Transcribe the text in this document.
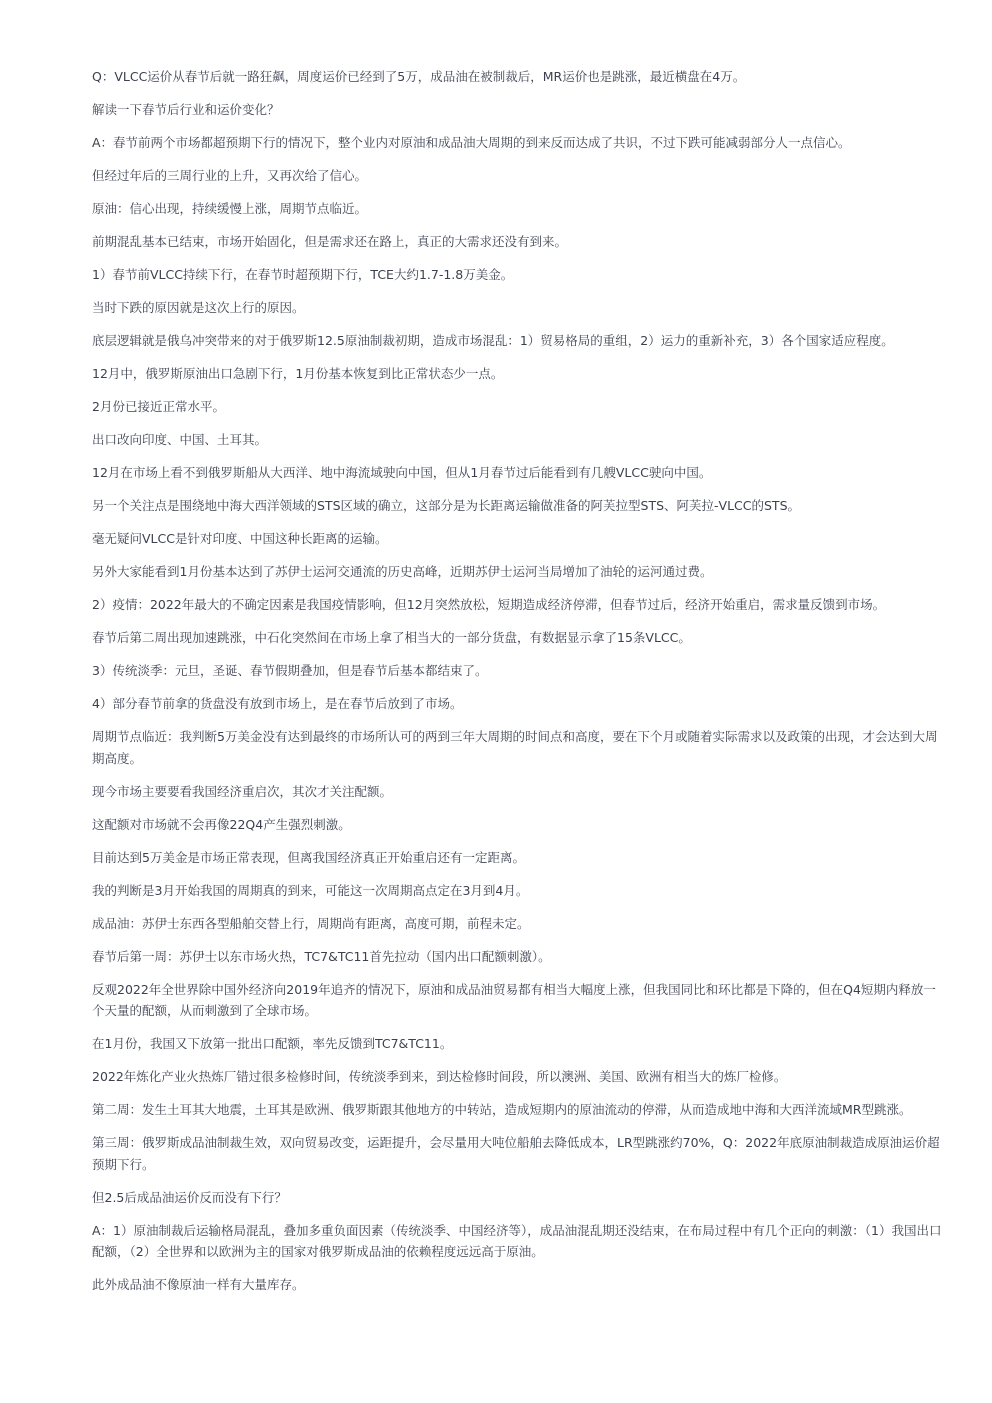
Q：VLCC运价从春节后就一路狂飙，周度运价已经到了5万，成品油在被制裁后，MR运价也是跳涨，最近横盘在4万。

解读一下春节后行业和运价变化？

A：春节前两个市场都超预期下行的情况下，整个业内对原油和成品油大周期的到来反而达成了共识，不过下跌可能减弱部分人一点信心。

但经过年后的三周行业的上升，又再次给了信心。

原油：信心出现，持续缓慢上涨，周期节点临近。

前期混乱基本已结束，市场开始固化，但是需求还在路上，真正的大需求还没有到来。

1）春节前VLCC持续下行，在春节时超预期下行，TCE大约1.7-1.8万美金。

当时下跌的原因就是这次上行的原因。

底层逻辑就是俄乌冲突带来的对于俄罗斯12.5原油制裁初期，造成市场混乱：1）贸易格局的重组，2）运力的重新补充，3）各个国家适应程度。

12月中，俄罗斯原油出口急剧下行，1月份基本恢复到比正常状态少一点。

2月份已接近正常水平。

出口改向印度、中国、土耳其。

12月在市场上看不到俄罗斯船从大西洋、地中海流域驶向中国，但从1月春节过后能看到有几艘VLCC驶向中国。

另一个关注点是围绕地中海大西洋领域的STS区域的确立，这部分是为长距离运输做准备的阿芙拉型STS、阿芙拉-VLCC的STS。

毫无疑问VLCC是针对印度、中国这种长距离的运输。

另外大家能看到1月份基本达到了苏伊士运河交通流的历史高峰，近期苏伊士运河当局增加了油轮的运河通过费。

2）疫情：2022年最大的不确定因素是我国疫情影响，但12月突然放松，短期造成经济停滞，但春节过后，经济开始重启，需求量反馈到市场。

春节后第二周出现加速跳涨，中石化突然间在市场上拿了相当大的一部分货盘，有数据显示拿了15条VLCC。

3）传统淡季：元旦，圣诞、春节假期叠加，但是春节后基本都结束了。

4）部分春节前拿的货盘没有放到市场上，是在春节后放到了市场。

周期节点临近：我判断5万美金没有达到最终的市场所认可的两到三年大周期的时间点和高度，要在下个月或随着实际需求以及政策的出现，才会达到大周期高度。

现今市场主要要看我国经济重启次，其次才关注配额。

这配额对市场就不会再像22Q4产生强烈刺激。

目前达到5万美金是市场正常表现，但离我国经济真正开始重启还有一定距离。

我的判断是3月开始我国的周期真的到来，可能这一次周期高点定在3月到4月。

成品油：苏伊士东西各型船舶交替上行，周期尚有距离，高度可期，前程未定。

春节后第一周：苏伊士以东市场火热，TC7&TC11首先拉动（国内出口配额刺激）。

反观2022年全世界除中国外经济向2019年追齐的情况下，原油和成品油贸易都有相当大幅度上涨，但我国同比和环比都是下降的，但在Q4短期内释放一个天量的配额，从而刺激到了全球市场。

在1月份，我国又下放第一批出口配额，率先反馈到TC7&TC11。

2022年炼化产业火热炼厂错过很多检修时间，传统淡季到来，到达检修时间段，所以澳洲、美国、欧洲有相当大的炼厂检修。

第二周：发生土耳其大地震，土耳其是欧洲、俄罗斯跟其他地方的中转站，造成短期内的原油流动的停滞，从而造成地中海和大西洋流域MR型跳涨。

第三周：俄罗斯成品油制裁生效，双向贸易改变，运距提升，会尽量用大吨位船舶去降低成本，LR型跳涨约70%，Q：2022年底原油制裁造成原油运价超预期下行。

但2.5后成品油运价反而没有下行？

A：1）原油制裁后运输格局混乱，叠加多重负面因素（传统淡季、中国经济等），成品油混乱期还没结束，在布局过程中有几个正向的刺激：（1）我国出口配额，（2）全世界和以欧洲为主的国家对俄罗斯成品油的依赖程度远远高于原油。

此外成品油不像原油一样有大量库存。
